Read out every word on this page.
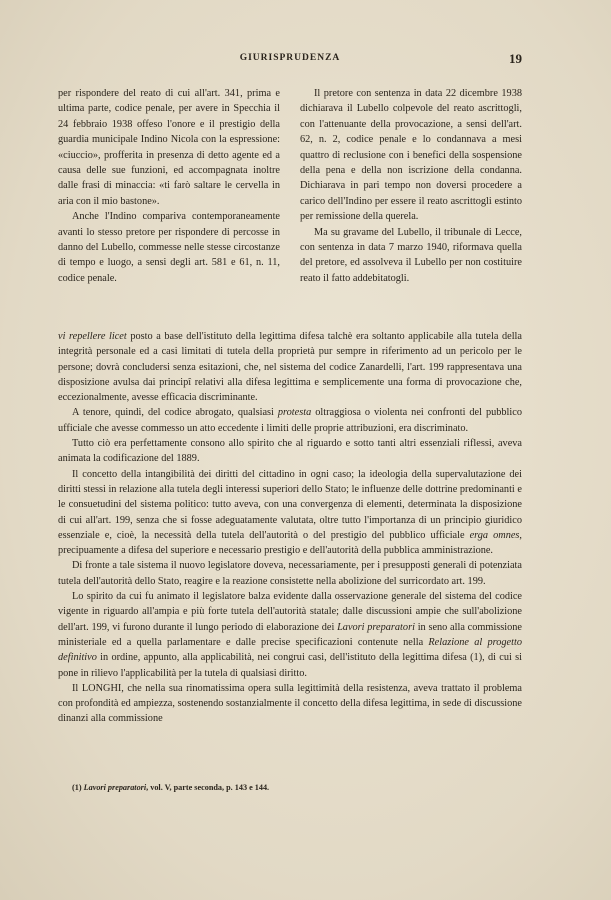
GIURISPRUDENZA	19

per rispondere del reato di cui all'art. 341, prima e ultima parte, codice penale, per avere in Specchia il 24 febbraio 1938 offeso l'onore e il prestigio della guardia municipale Indino Nicola con la espressione: «ciuccio», profferita in presenza di detto agente ed a causa delle sue funzioni, ed accompagnata inoltre dalle frasi di minaccia: «ti farò saltare le cervella in aria con il mio bastone».

Anche l'Indino compariva contemporaneamente avanti lo stesso pretore per rispondere di percosse in danno del Lubello, commesse nelle stesse circostanze di tempo e luogo, a sensi degli art. 581 e 61, n. 11, codice penale.

Il pretore con sentenza in data 22 dicembre 1938 dichiarava il Lubello colpevole del reato ascrittogli, con l'attenuante della provocazione, a sensi dell'art. 62, n. 2, codice penale e lo condannava a mesi quattro di reclusione con i benefici della sospensione della pena e della non iscrizione della condanna. Dichiarava in pari tempo non doversi procedere a carico dell'Indino per essere il reato ascrittogli estinto per remissione della querela.

Ma su gravame del Lubello, il tribunale di Lecce, con sentenza in data 7 marzo 1940, riformava quella del pretore, ed assolveva il Lubello per non costituire reato il fatto addebitatogli.

vi repellere licet posto a base dell'istituto della legittima difesa talchè era soltanto applicabile alla tutela della integrità personale ed a casi limitati di tutela della proprietà pur sempre in riferimento ad un pericolo per le persone; dovrà concludersi senza esitazioni, che, nel sistema del codice Zanardelli, l'art. 199 rappresentava una disposizione avulsa dai principî relativi alla difesa legittima e semplicemente una forma di provocazione che, eccezionalmente, avesse efficacia discriminante.

A tenore, quindi, del codice abrogato, qualsiasi protesta oltraggiosa o violenta nei confronti del pubblico ufficiale che avesse commesso un atto eccedente i limiti delle proprie attribuzioni, era discriminato.

Tutto ciò era perfettamente consono allo spirito che al riguardo e sotto tanti altri essenziali riflessi, aveva animata la codificazione del 1889.

Il concetto della intangibilità dei diritti del cittadino in ogni caso; la ideologia della supervalutazione dei diritti stessi in relazione alla tutela degli interessi superiori dello Stato; le influenze delle dottrine predominanti e le consuetudini del sistema politico: tutto aveva, con una convergenza di elementi, determinata la disposizione di cui all'art. 199, senza che si fosse adeguatamente valutata, oltre tutto l'importanza di un principio giuridico essenziale e, cioè, la necessità della tutela dell'autorità o del prestigio del pubblico ufficiale erga omnes, precipuamente a difesa del superiore e necessario prestigio e dell'autorità della pubblica amministrazione.

Di fronte a tale sistema il nuovo legislatore doveva, necessariamente, per i presupposti generali di potenziata tutela dell'autorità dello Stato, reagire e la reazione consistette nella abolizione del surricordato art. 199.

Lo spirito da cui fu animato il legislatore balza evidente dalla osservazione generale del sistema del codice vigente in riguardo all'ampia e più forte tutela dell'autorità statale; dalle discussioni ampie che sull'abolizione dell'art. 199, vi furono durante il lungo periodo di elaborazione dei Lavori preparatori in seno alla commissione ministeriale ed a quella parlamentare e dalle precise specificazioni contenute nella Relazione al progetto definitivo in ordine, appunto, alla applicabilità, nei congrui casi, dell'istituto della legittima difesa (1), di cui si pone in rilievo l'applicabilità per la tutela di qualsiasi diritto.

Il LONGHI, che nella sua rinomatissima opera sulla legittimità della resistenza, aveva trattato il problema con profondità ed ampiezza, sostenendo sostanzialmente il concetto della difesa legittima, in sede di discussione dinanzi alla commissione

(1) Lavori preparatori, vol. V, parte seconda, p. 143 e 144.
